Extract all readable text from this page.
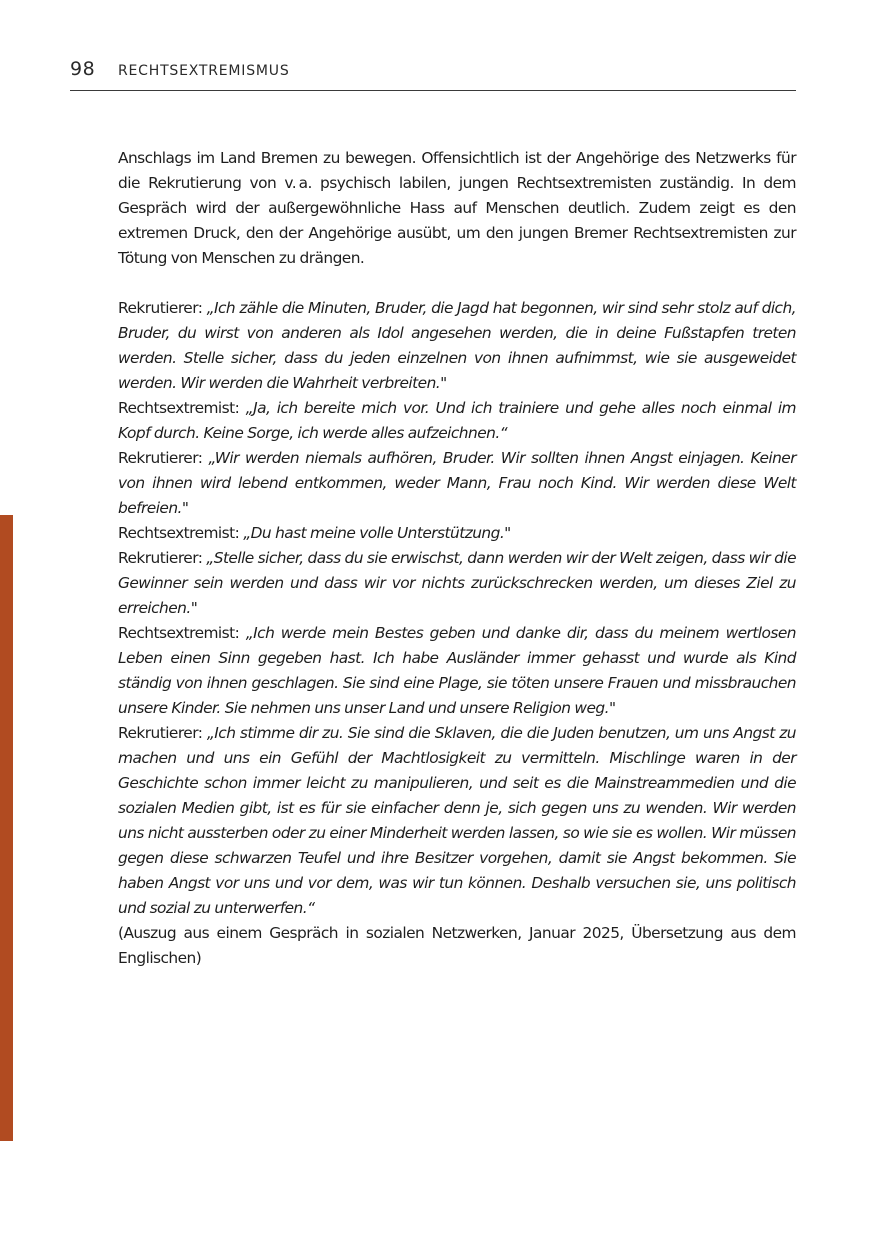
98 RECHTSEXTREMISMUS

Anschlags im Land Bremen zu bewegen. Offensichtlich ist der Angehörige des Netzwerks für die Rekrutierung von v. a. psychisch labilen, jungen Rechtsextremisten zuständig. In dem Gespräch wird der außergewöhnliche Hass auf Menschen deutlich. Zudem zeigt es den extremen Druck, den der Angehörige ausübt, um den jungen Bremer Rechtsextremisten zur Tötung von Menschen zu drängen.

Rekrutierer: „Ich zähle die Minuten, Bruder, die Jagd hat begonnen, wir sind sehr stolz auf dich, Bruder, du wirst von anderen als Idol angesehen werden, die in deine Fußstapfen treten werden. Stelle sicher, dass du jeden einzelnen von ihnen aufnimmst, wie sie ausgeweidet werden. Wir werden die Wahrheit verbreiten."

Rechtsextremist: „Ja, ich bereite mich vor. Und ich trainiere und gehe alles noch einmal im Kopf durch. Keine Sorge, ich werde alles aufzeichnen.“

Rekrutierer: „Wir werden niemals aufhören, Bruder. Wir sollten ihnen Angst einjagen. Keiner von ihnen wird lebend entkommen, weder Mann, Frau noch Kind. Wir werden diese Welt befreien."

Rechtsextremist: „Du hast meine volle Unterstützung."

Rekrutierer: „Stelle sicher, dass du sie erwischst, dann werden wir der Welt zeigen, dass wir die Gewinner sein werden und dass wir vor nichts zurückschrecken werden, um dieses Ziel zu erreichen."

Rechtsextremist: „Ich werde mein Bestes geben und danke dir, dass du meinem wertlosen Leben einen Sinn gegeben hast. Ich habe Ausländer immer gehasst und wurde als Kind ständig von ihnen geschlagen. Sie sind eine Plage, sie töten unsere Frauen und missbrauchen unsere Kinder. Sie nehmen uns unser Land und unsere Religion weg."

Rekrutierer: „Ich stimme dir zu. Sie sind die Sklaven, die die Juden benutzen, um uns Angst zu machen und uns ein Gefühl der Machtlosigkeit zu vermitteln. Mischlinge waren in der Geschichte schon immer leicht zu manipulieren, und seit es die Mainstreammedien und die sozialen Medien gibt, ist es für sie einfacher denn je, sich gegen uns zu wenden. Wir werden uns nicht aussterben oder zu einer Minderheit werden lassen, so wie sie es wollen. Wir müssen gegen diese schwarzen Teufel und ihre Besitzer vorgehen, damit sie Angst bekommen. Sie haben Angst vor uns und vor dem, was wir tun können. Deshalb versuchen sie, uns politisch und sozial zu unterwerfen.“

(Auszug aus einem Gespräch in sozialen Netzwerken, Januar 2025, Übersetzung aus dem Englischen)
